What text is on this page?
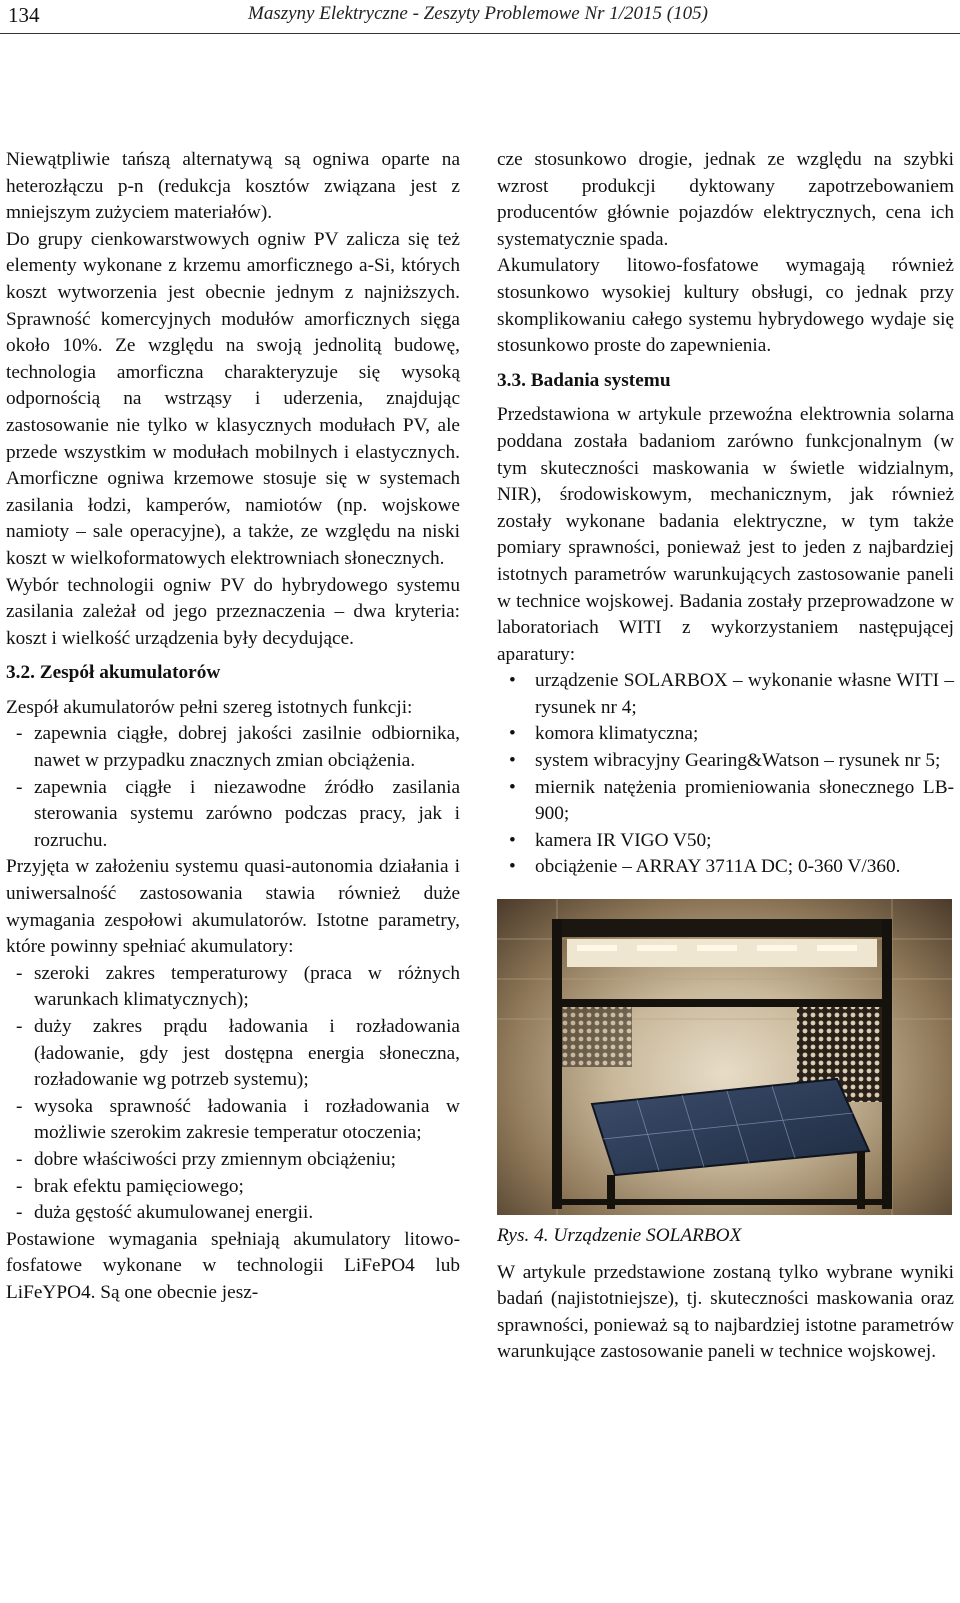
134	Maszyny Elektryczne - Zeszyty Problemowe Nr 1/2015 (105)

Niewątpliwie tańszą alternatywą są ogniwa oparte na heterozłączu p-n (redukcja kosztów związana jest z mniejszym zużyciem materiałów).

Do grupy cienkowarstwowych ogniw PV zalicza się też elementy wykonane z krzemu amorficznego a-Si, których koszt wytworzenia jest obecnie jednym z najniższych. Sprawność komercyjnych modułów amorficznych sięga około 10%. Ze względu na swoją jednolitą budowę, technologia amorficzna charakteryzuje się wysoką odpornością na wstrząsy i uderzenia, znajdując zastosowanie nie tylko w klasycznych modułach PV, ale przede wszystkim w modułach mobilnych i elastycznych. Amorficzne ogniwa krzemowe stosuje się w systemach zasilania łodzi, kamperów, namiotów (np. wojskowe namioty – sale operacyjne), a także, ze względu na niski koszt w wielkoformatowych elektrowniach słonecznych.

Wybór technologii ogniw PV do hybrydowego systemu zasilania zależał od jego przeznaczenia – dwa kryteria: koszt i wielkość urządzenia były decydujące.

3.2. Zespół akumulatorów

Zespół akumulatorów pełni szereg istotnych funkcji:

- zapewnia ciągłe, dobrej jakości zasilnie odbiornika, nawet w przypadku znacznych zmian obciążenia.
- zapewnia ciągłe i niezawodne źródło zasilania sterowania systemu zarówno podczas pracy, jak i rozruchu.

Przyjęta w założeniu systemu quasi-autonomia działania i uniwersalność zastosowania stawia również duże wymagania zespołowi akumulatorów. Istotne parametry, które powinny spełniać akumulatory:

- szeroki zakres temperaturowy (praca w różnych warunkach klimatycznych);
- duży zakres prądu ładowania i rozładowania (ładowanie, gdy jest dostępna energia słoneczna, rozładowanie wg potrzeb systemu);
- wysoka sprawność ładowania i rozładowania w możliwie szerokim zakresie temperatur otoczenia;
- dobre właściwości przy zmiennym obciążeniu;
- brak efektu pamięciowego;
- duża gęstość akumulowanej energii.

Postawione wymagania spełniają akumulatory litowo-fosfatowe wykonane w technologii LiFePO4 lub LiFeYPO4. Są one obecnie jesz-

cze stosunkowo drogie, jednak ze względu na szybki wzrost produkcji dyktowany zapotrzebowaniem producentów głównie pojazdów elektrycznych, cena ich systematycznie spada.

Akumulatory litowo-fosfatowe wymagają również stosunkowo wysokiej kultury obsługi, co jednak przy skomplikowaniu całego systemu hybrydowego wydaje się stosunkowo proste do zapewnienia.

3.3. Badania systemu

Przedstawiona w artykule przewoźna elektrownia solarna poddana została badaniom zarówno funkcjonalnym (w tym skuteczności maskowania w świetle widzialnym, NIR), środowiskowym, mechanicznym, jak również zostały wykonane badania elektryczne, w tym także pomiary sprawności, ponieważ jest to jeden z najbardziej istotnych parametrów warunkujących zastosowanie paneli w technice wojskowej. Badania zostały przeprowadzone w laboratoriach WITI z wykorzystaniem następującej aparatury:

• urządzenie SOLARBOX – wykonanie własne WITI – rysunek nr 4;
• komora klimatyczna;
• system wibracyjny Gearing&Watson – rysunek nr 5;
• miernik natężenia promieniowania słonecznego LB-900;
• kamera IR VIGO V50;
• obciążenie – ARRAY 3711A DC; 0-360 V/360.

Rys. 4. Urządzenie SOLARBOX

W artykule przedstawione zostaną tylko wybrane wyniki badań (najistotniejsze), tj. skuteczności maskowania oraz sprawności, ponieważ są to najbardziej istotne parametrów warunkujące zastosowanie paneli w technice wojskowej.
